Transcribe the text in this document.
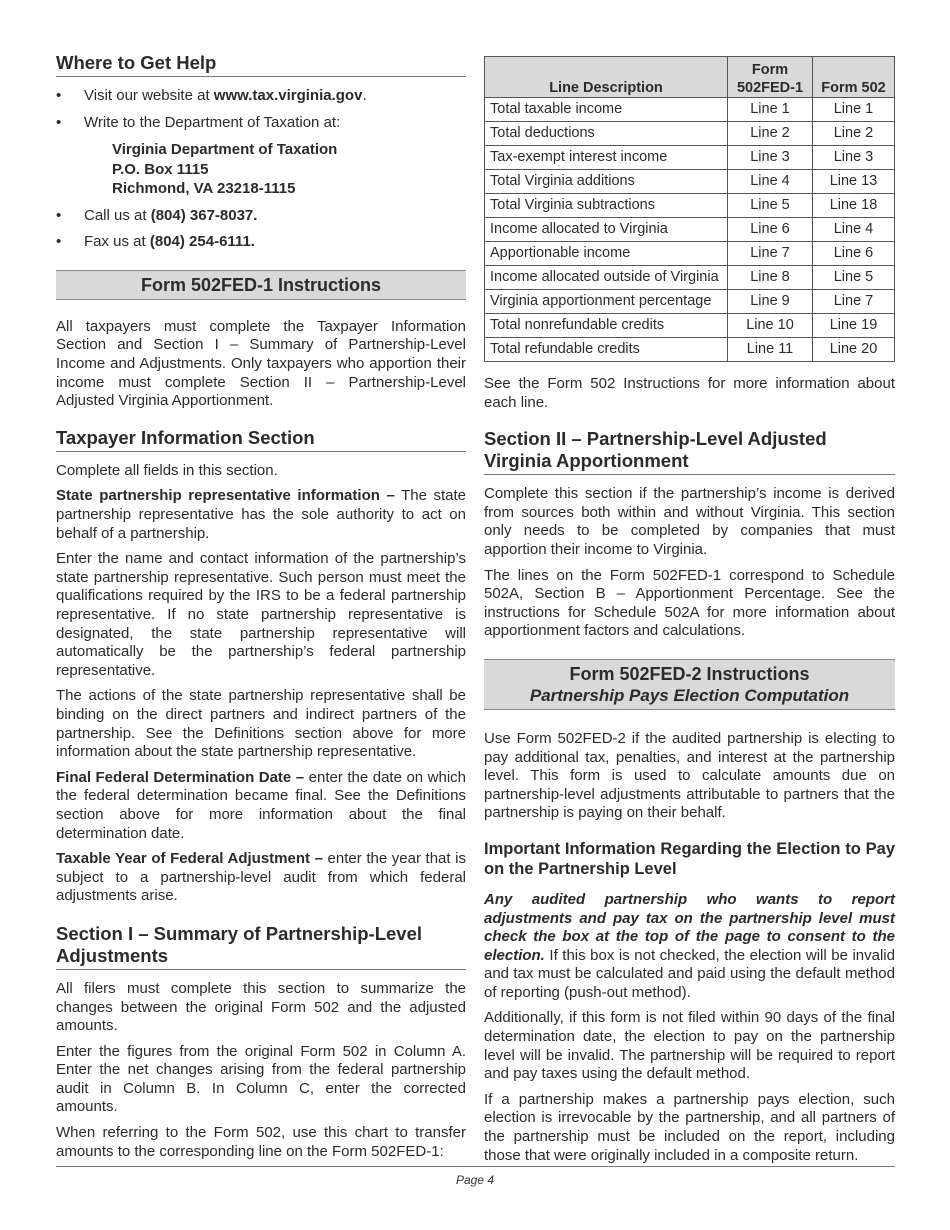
Where to Get Help
• Visit our website at www.tax.virginia.gov.
• Write to the Department of Taxation at:
Virginia Department of Taxation
P.O. Box 1115
Richmond, VA 23218-1115
• Call us at (804) 367-8037.
• Fax us at (804) 254-6111.
Form 502FED-1 Instructions

All taxpayers must complete the Taxpayer Information Section and Section I – Summary of Partnership-Level Income and Adjustments. Only taxpayers who apportion their income must complete Section II – Partnership-Level Adjusted Virginia Apportionment.

Taxpayer Information Section

Complete all fields in this section.

State partnership representative information – The state partnership representative has the sole authority to act on behalf of a partnership.

Enter the name and contact information of the partnership’s state partnership representative. Such person must meet the qualifications required by the IRS to be a federal partnership representative. If no state partnership representative is designated, the state partnership representative will automatically be the partnership’s federal partnership representative.

The actions of the state partnership representative shall be binding on the direct partners and indirect partners of the partnership. See the Definitions section above for more information about the state partnership representative.

Final Federal Determination Date – enter the date on which the federal determination became final. See the Definitions section above for more information about the final determination date.

Taxable Year of Federal Adjustment – enter the year that is subject to a partnership-level audit from which federal adjustments arise.

Section I – Summary of Partnership-Level Adjustments

All filers must complete this section to summarize the changes between the original Form 502 and the adjusted amounts.

Enter the figures from the original Form 502 in Column A. Enter the net changes arising from the federal partnership audit in Column B. In Column C, enter the corrected amounts.

When referring to the Form 502, use this chart to transfer amounts to the corresponding line on the Form 502FED-1:

Line Description	Form 502FED-1	Form 502
Total taxable income	Line 1	Line 1
Total deductions	Line 2	Line 2
Tax-exempt interest income	Line 3	Line 3
Total Virginia additions	Line 4	Line 13
Total Virginia subtractions	Line 5	Line 18
Income allocated to Virginia	Line 6	Line 4
Apportionable income	Line 7	Line 6
Income allocated outside of Virginia	Line 8	Line 5
Virginia apportionment percentage	Line 9	Line 7
Total nonrefundable credits	Line 10	Line 19
Total refundable credits	Line 11	Line 20

See the Form 502 Instructions for more information about each line.

Section II – Partnership-Level Adjusted Virginia Apportionment

Complete this section if the partnership’s income is derived from sources both within and without Virginia. This section only needs to be completed by companies that must apportion their income to Virginia.

The lines on the Form 502FED-1 correspond to Schedule 502A, Section B – Apportionment Percentage. See the instructions for Schedule 502A for more information about apportionment factors and calculations.

Form 502FED-2 Instructions
Partnership Pays Election Computation

Use Form 502FED-2 if the audited partnership is electing to pay additional tax, penalties, and interest at the partnership level. This form is used to calculate amounts due on partnership-level adjustments attributable to partners that the partnership is paying on their behalf.

Important Information Regarding the Election to Pay on the Partnership Level

Any audited partnership who wants to report adjustments and pay tax on the partnership level must check the box at the top of the page to consent to the election. If this box is not checked, the election will be invalid and tax must be calculated and paid using the default method of reporting (push-out method).

Additionally, if this form is not filed within 90 days of the final determination date, the election to pay on the partnership level will be invalid. The partnership will be required to report and pay taxes using the default method.

If a partnership makes a partnership pays election, such election is irrevocable by the partnership, and all partners of the partnership must be included on the report, including those that were originally included in a composite return.

Page 4
